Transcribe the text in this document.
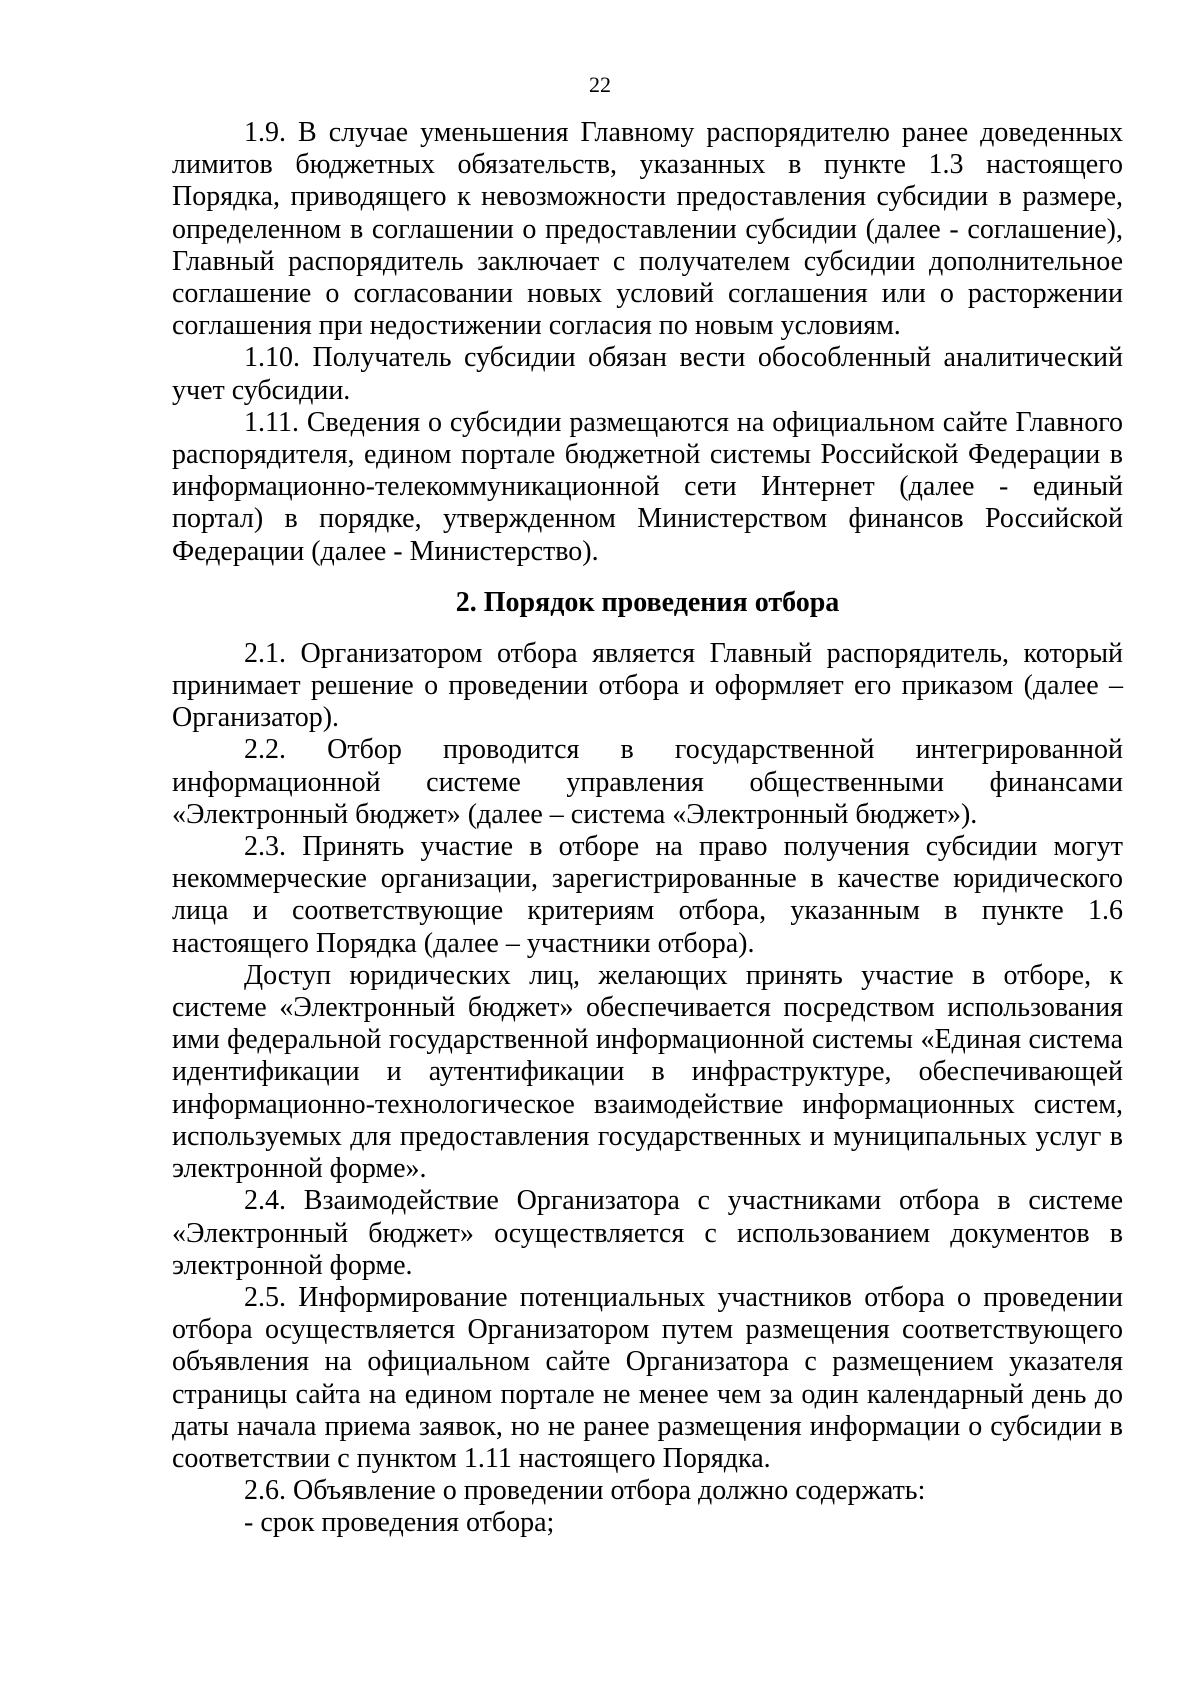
22

1.9. В случае уменьшения Главному распорядителю ранее доведенных лимитов бюджетных обязательств, указанных в пункте 1.3 настоящего Порядка, приводящего к невозможности предоставления субсидии в размере, определенном в соглашении о предоставлении субсидии (далее - соглашение), Главный распорядитель заключает с получателем субсидии дополнительное соглашение о согласовании новых условий соглашения или о расторжении соглашения при недостижении согласия по новым условиям.

1.10. Получатель субсидии обязан вести обособленный аналитический учет субсидии.

1.11. Сведения о субсидии размещаются на официальном сайте Главного распорядителя, едином портале бюджетной системы Российской Федерации в информационно-телекоммуникационной сети Интернет (далее - единый портал) в порядке, утвержденном Министерством финансов Российской Федерации (далее - Министерство).

2. Порядок проведения отбора

2.1. Организатором отбора является Главный распорядитель, который принимает решение о проведении отбора и оформляет его приказом (далее – Организатор).

2.2. Отбор проводится в государственной интегрированной информационной системе управления общественными финансами «Электронный бюджет» (далее – система «Электронный бюджет»).

2.3. Принять участие в отборе на право получения субсидии могут некоммерческие организации, зарегистрированные в качестве юридического лица и соответствующие критериям отбора, указанным в пункте 1.6 настоящего Порядка (далее – участники отбора).

Доступ юридических лиц, желающих принять участие в отборе, к системе «Электронный бюджет» обеспечивается посредством использования ими федеральной государственной информационной системы «Единая система идентификации и аутентификации в инфраструктуре, обеспечивающей информационно-технологическое взаимодействие информационных систем, используемых для предоставления государственных и муниципальных услуг в электронной форме».

2.4. Взаимодействие Организатора с участниками отбора в системе «Электронный бюджет» осуществляется с использованием документов в электронной форме.

2.5. Информирование потенциальных участников отбора о проведении отбора осуществляется Организатором путем размещения соответствующего объявления на официальном сайте Организатора с размещением указателя страницы сайта на едином портале не менее чем за один календарный день до даты начала приема заявок, но не ранее размещения информации о субсидии в соответствии с пунктом 1.11 настоящего Порядка.

2.6. Объявление о проведении отбора должно содержать:

- срок проведения отбора;
